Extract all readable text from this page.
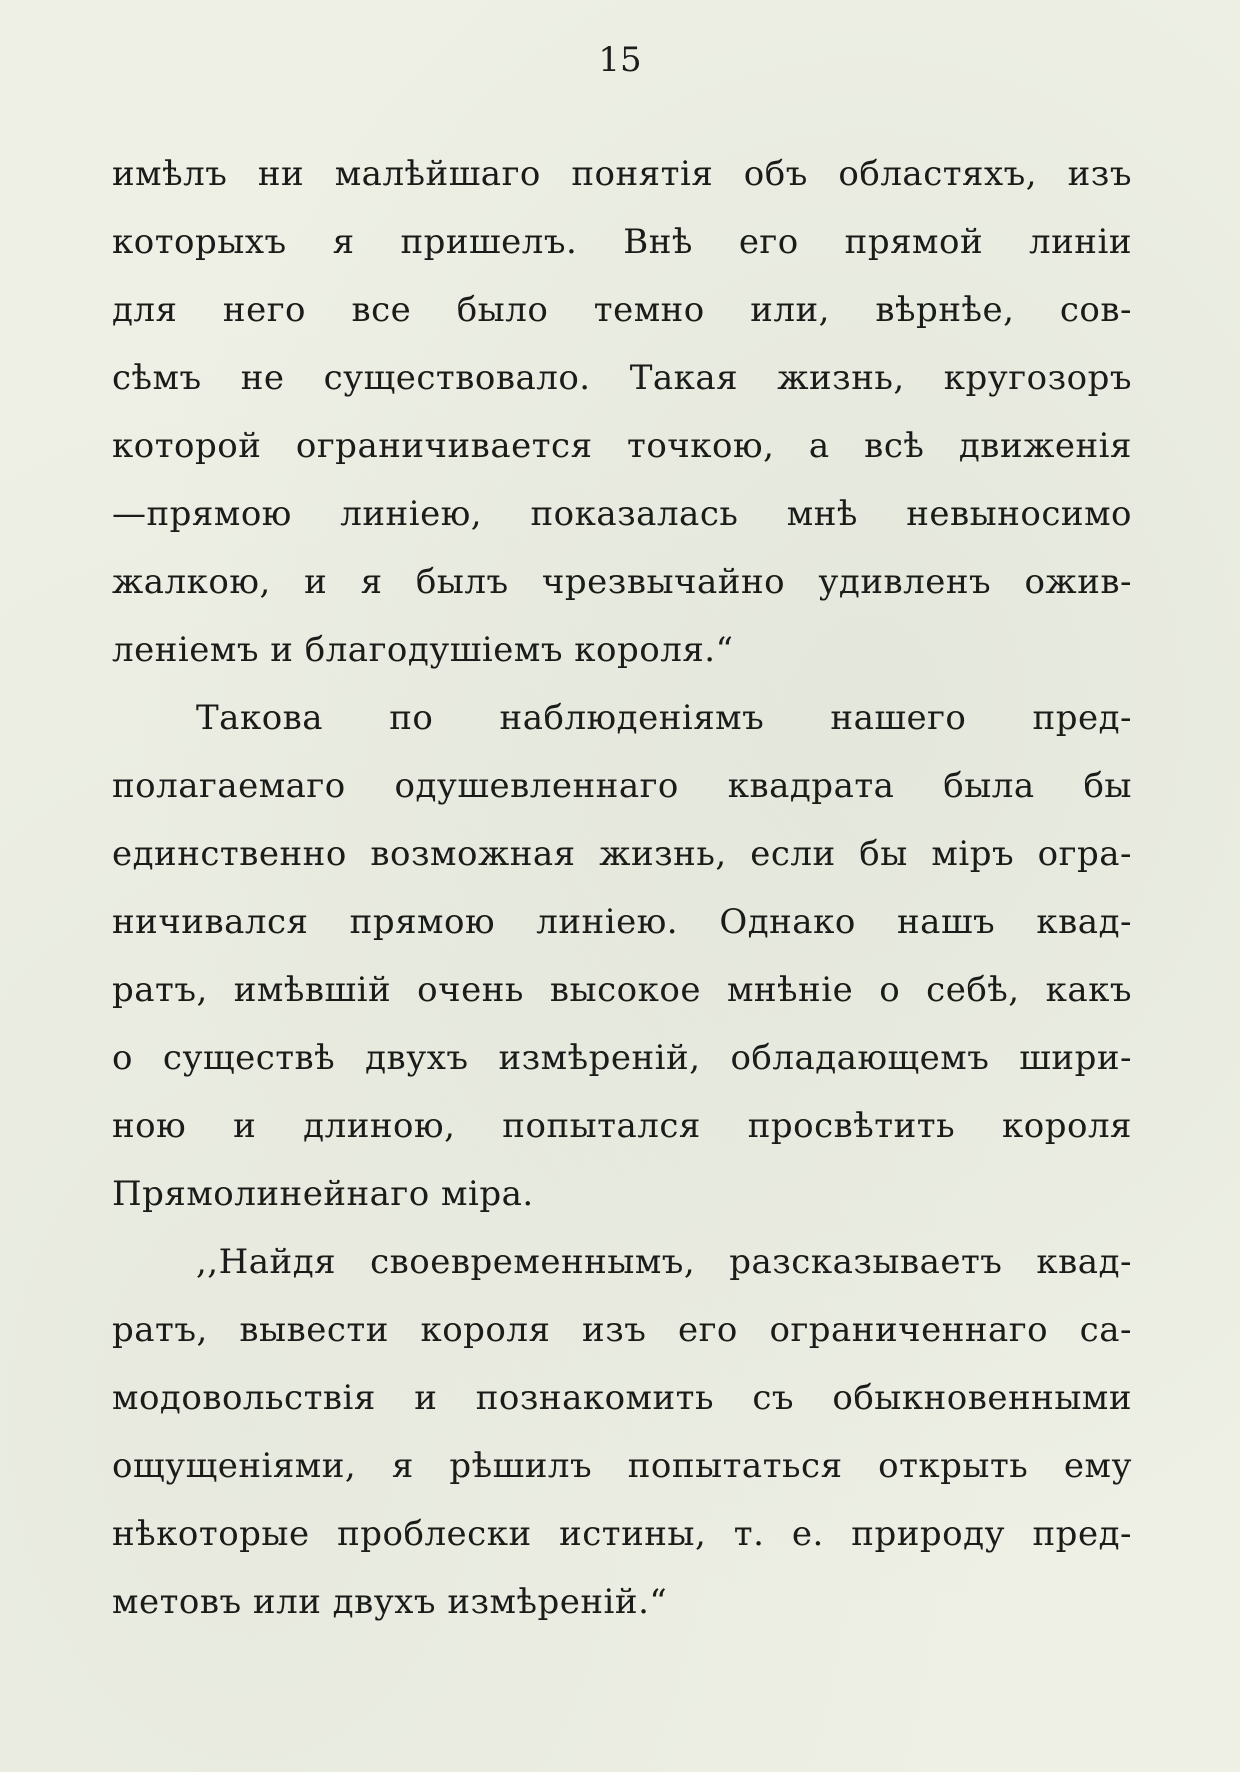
15
имѣлъ ни малѣйшаго понятія объ областяхъ, изъ
которыхъ я пришелъ. Внѣ его прямой линіи
для него все было темно или, вѣрнѣе, сов-
сѣмъ не существовало. Такая жизнь, кругозоръ
которой ограничивается точкою, а всѣ движенія
—прямою линіею, показалась мнѣ невыносимо
жалкою, и я былъ чрезвычайно удивленъ ожив-
леніемъ и благодушіемъ короля.“
Такова по наблюденіямъ нашего пред-
полагаемаго одушевленнаго квадрата была бы
единственно возможная жизнь, если бы міръ огра-
ничивался прямою линіею. Однако нашъ квад-
ратъ, имѣвшій очень высокое мнѣніе о себѣ, какъ
о существѣ двухъ измѣреній, обладающемъ шири-
ною и длиною, попытался просвѣтить короля
Прямолинейнаго міра.
,,Найдя своевременнымъ, разсказываетъ квад-
ратъ, вывести короля изъ его ограниченнаго са-
модовольствія и познакомить съ обыкновенными
ощущеніями, я рѣшилъ попытаться открыть ему
нѣкоторые проблески истины, т. е. природу пред-
метовъ или двухъ измѣреній.“
